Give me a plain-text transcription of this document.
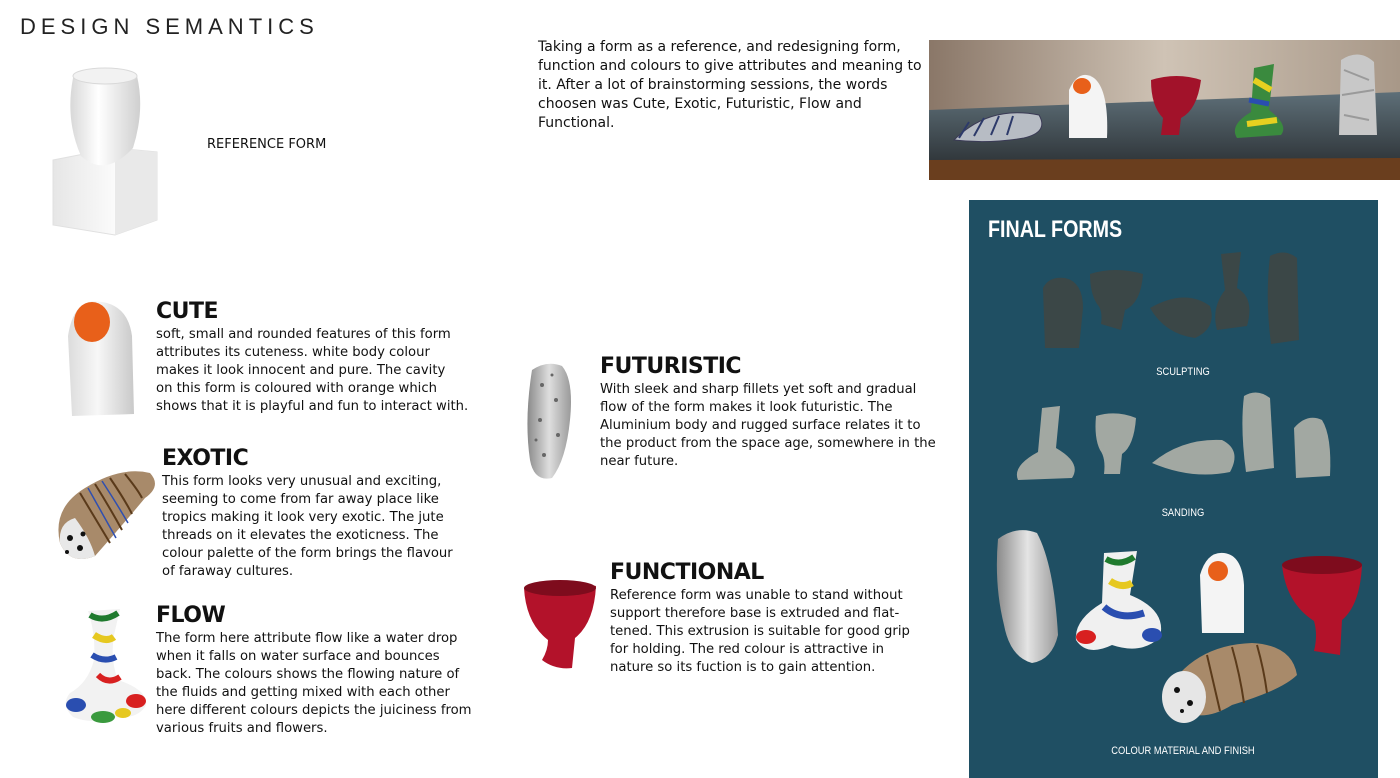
DESIGN SEMANTICS
REFERENCE FORM
Taking a form as a reference, and redesigning form, function and colours to give attributes and meaning to it. After a lot of brainstorming sessions, the words choosen was Cute, Exotic, Futuristic, Flow and Functional.
CUTE
soft, small and rounded features of this form
attributes its cuteness. white body colour
makes it look innocent and pure. The cavity
on this form is coloured with orange which
shows that it is playful and fun to interact with.
EXOTIC
This form looks very unusual and exciting,
seeming to come from far away place like
tropics making it look very exotic. The jute
threads on it elevates the exoticness. The
colour palette of the form brings the flavour
of faraway cultures.
FLOW
The form here attribute flow like a water drop
when it falls on water surface and bounces
back. The colours shows the flowing nature of
the fluids and getting mixed with each other
here different colours depicts the juiciness from
various fruits and flowers.
FUTURISTIC
With sleek and sharp fillets yet soft and gradual
flow of the form makes it look futuristic. The
Aluminium body and rugged surface relates it to
the product from the space age, somewhere in the
near future.
FUNCTIONAL
Reference form was unable to stand without
support therefore base is extruded and flat-
tened. This extrusion is suitable for good grip
for holding. The red colour is attractive in
nature so its fuction is to gain attention.
FINAL FORMS
SCULPTING
SANDING
COLOUR MATERIAL AND FINISH
